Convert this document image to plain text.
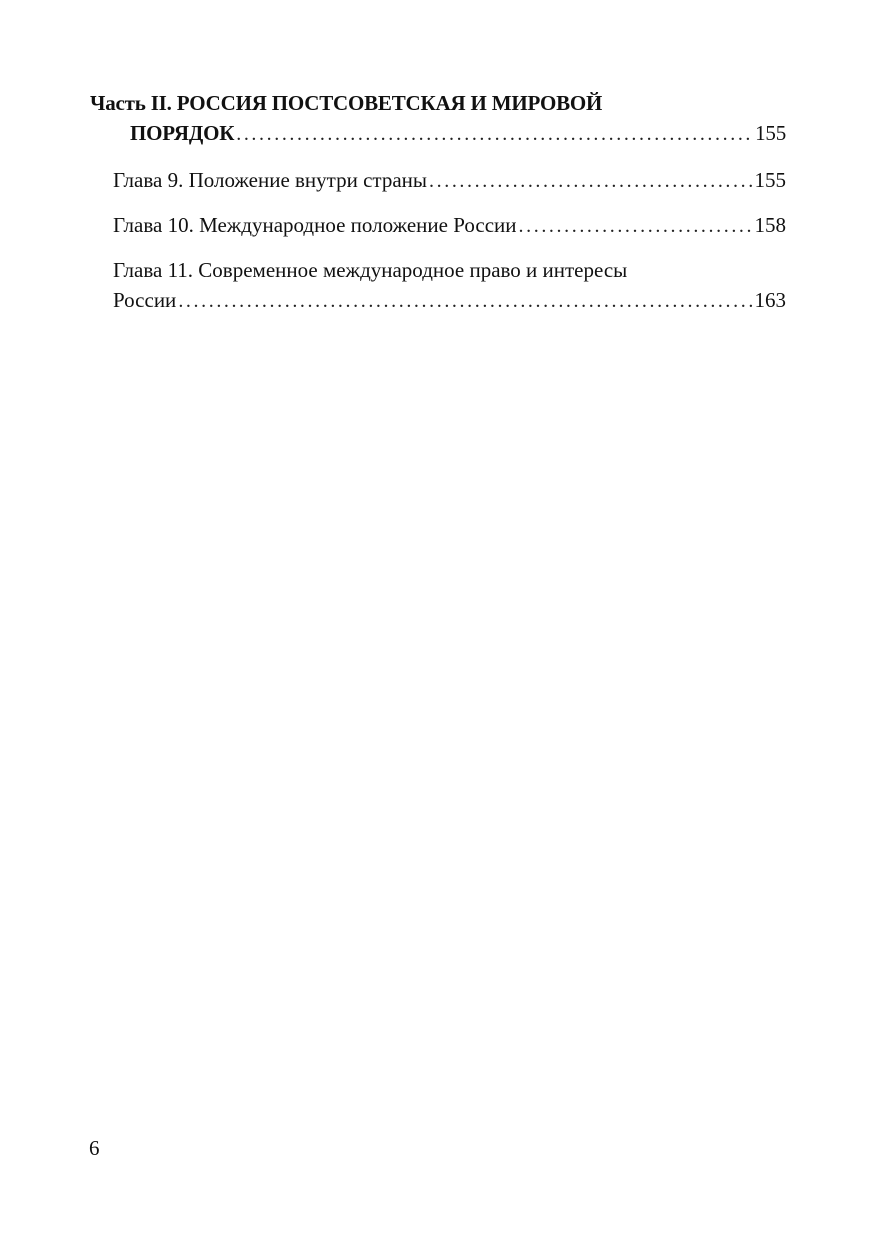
Часть II. РОССИЯ ПОСТСОВЕТСКАЯ И МИРОВОЙ
ПОРЯДОК . . .	155
Глава 9. Положение внутри страны . . .	155
Глава 10. Международное положение России . . .	158
Глава 11. Современное международное право и интересы
России . . .	163
6
